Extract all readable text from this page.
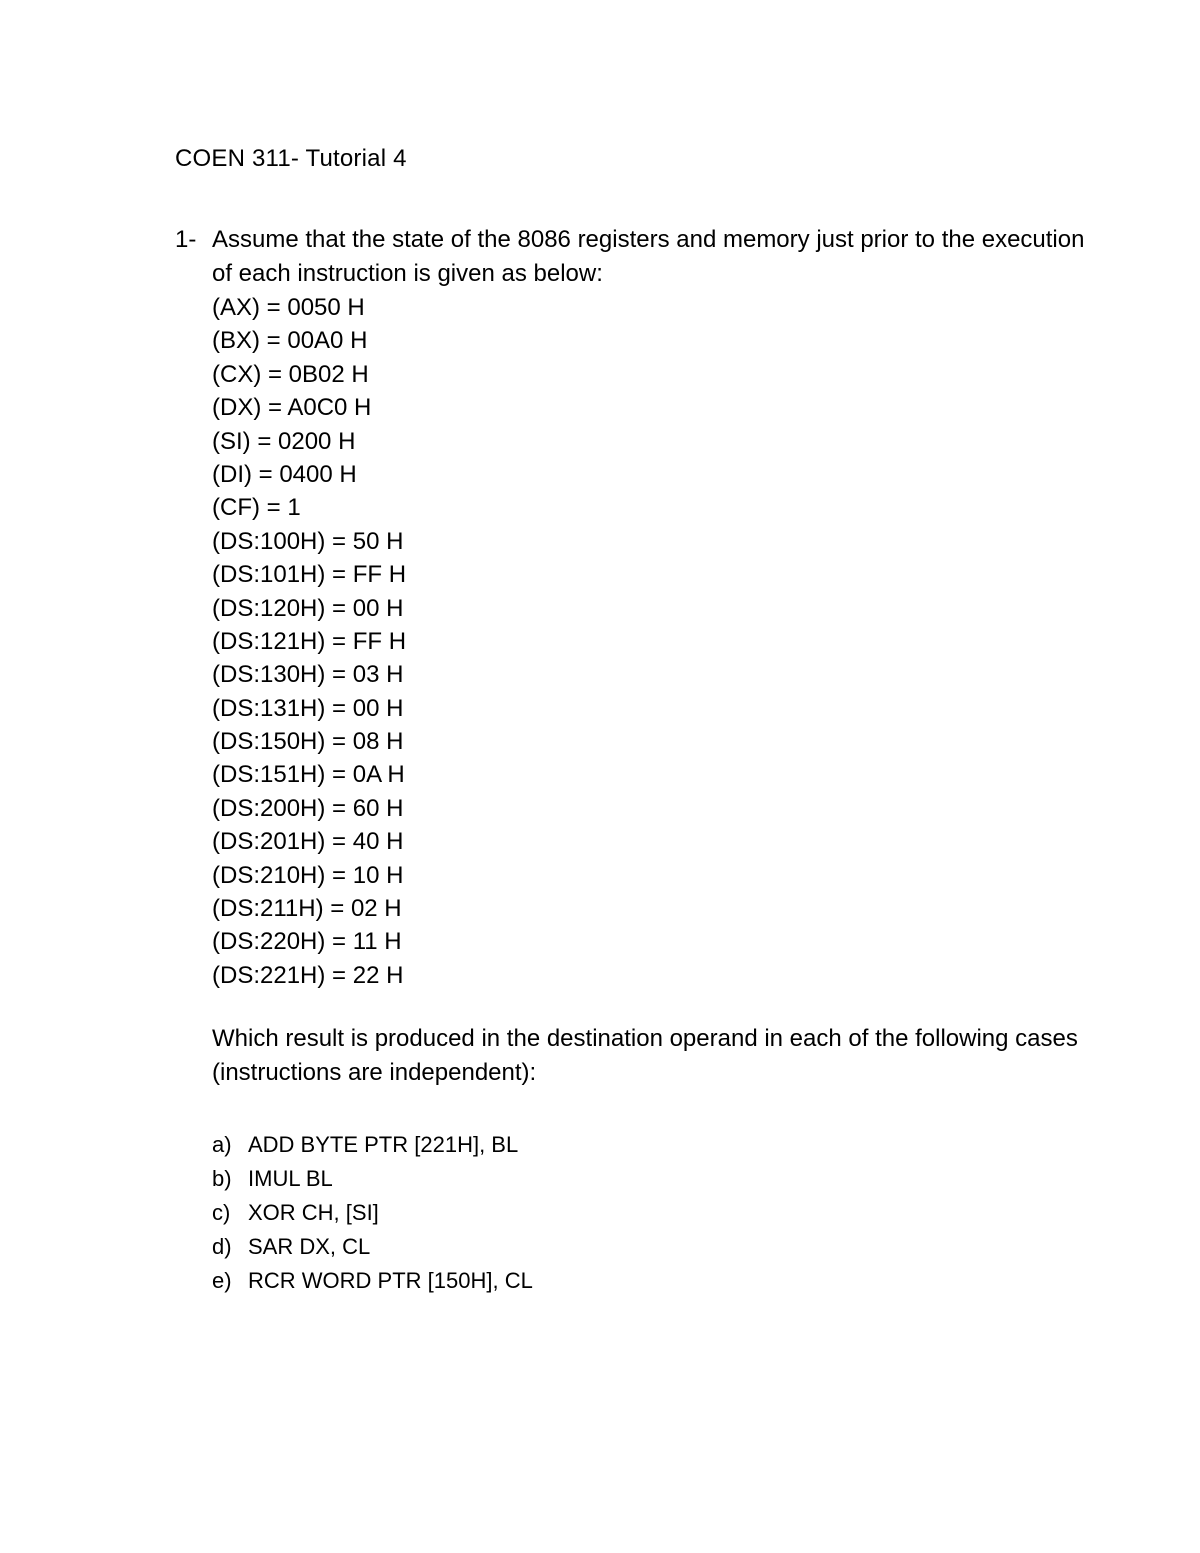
COEN 311- Tutorial 4
1- Assume that the state of the 8086 registers and memory just prior to the execution of each instruction is given as below:

(AX) = 0050 H
(BX) = 00A0 H
(CX) = 0B02 H
(DX) = A0C0 H
(SI) = 0200 H
(DI) = 0400 H
(CF) = 1
(DS:100H) = 50 H
(DS:101H) = FF H
(DS:120H) = 00 H
(DS:121H) = FF H
(DS:130H) = 03 H
(DS:131H) = 00 H
(DS:150H) = 08 H
(DS:151H) = 0A H
(DS:200H) = 60 H
(DS:201H) = 40 H
(DS:210H) = 10 H
(DS:211H) = 02 H
(DS:220H) = 11 H
(DS:221H) = 22 H

Which result is produced in the destination operand in each of the following cases (instructions are independent):

a) ADD BYTE PTR [221H], BL
b) IMUL BL
c) XOR CH, [SI]
d) SAR DX, CL
e) RCR WORD PTR [150H], CL
